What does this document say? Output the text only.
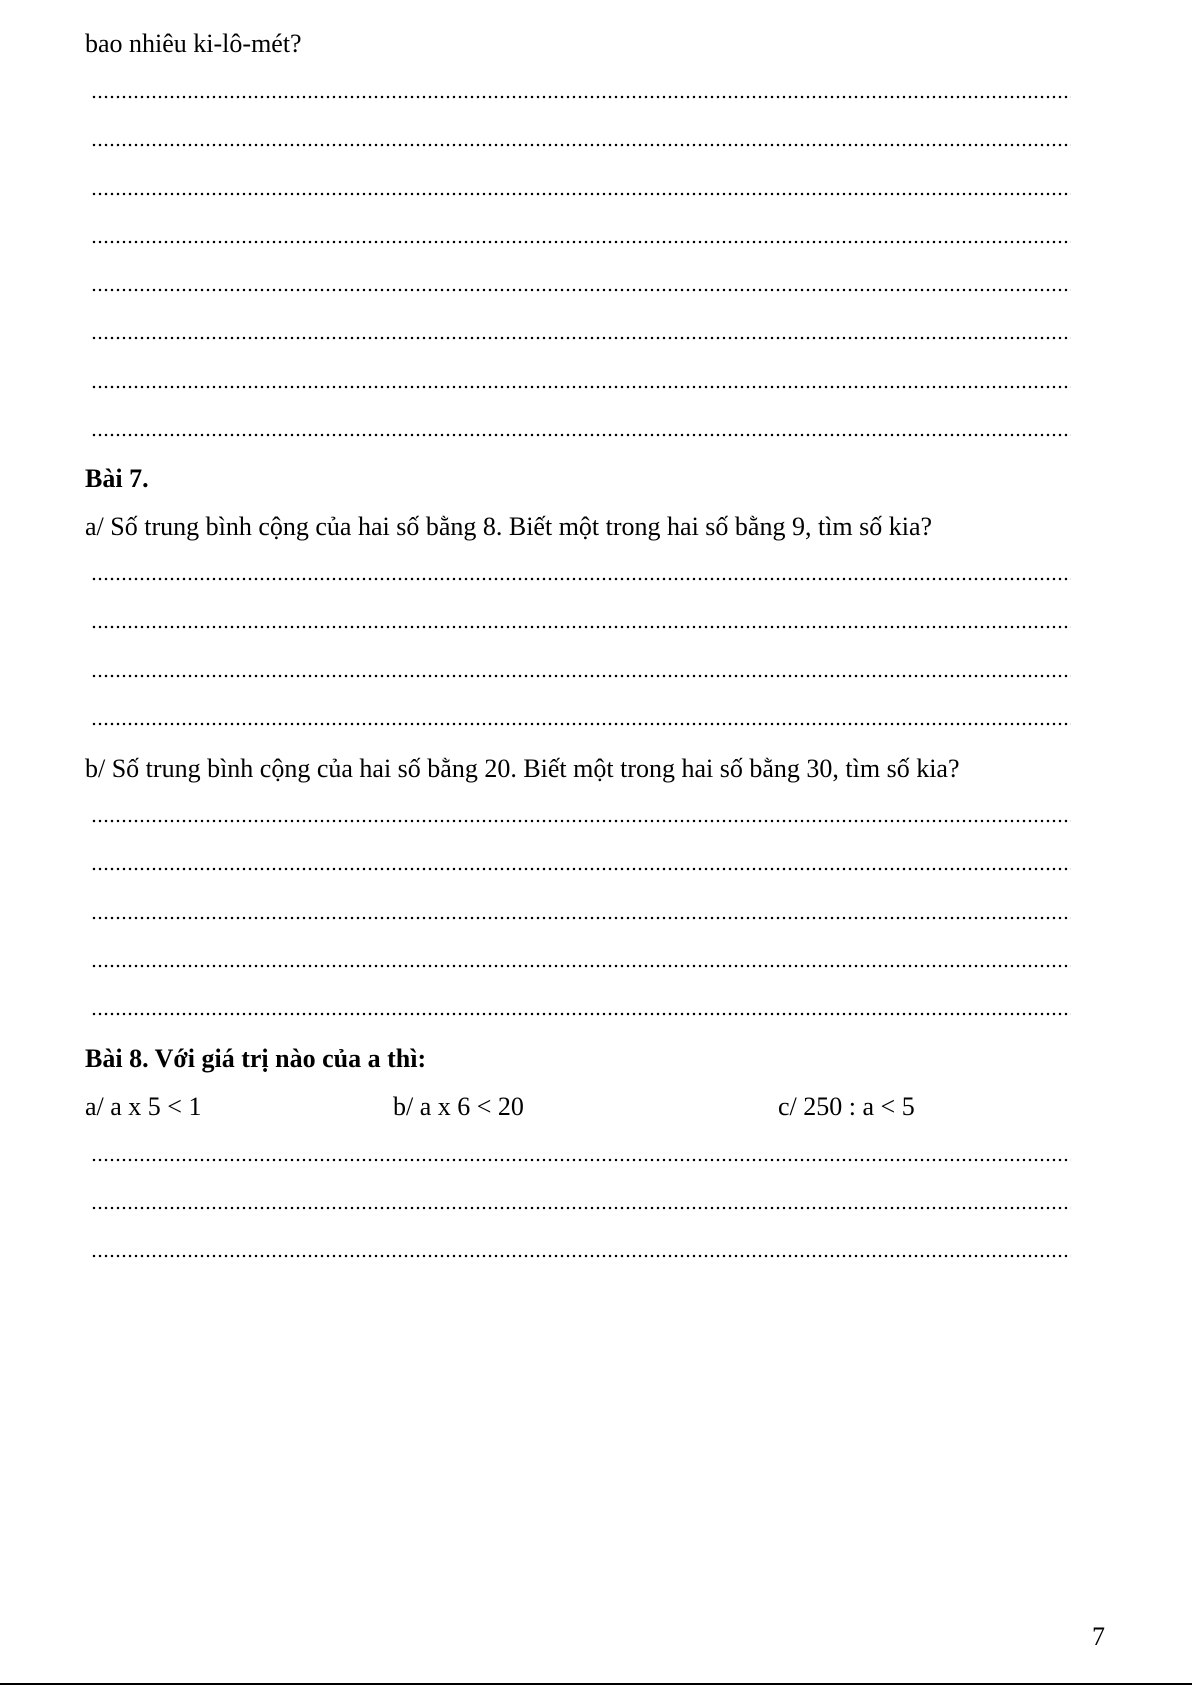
bao nhiêu ki-lô-mét?
Bài 7.
a/ Số trung bình cộng của hai số bằng 8. Biết một trong hai số bằng 9, tìm số kia?
b/ Số trung bình cộng của hai số bằng 20. Biết một trong hai số bằng 30, tìm số kia?
Bài 8. Với giá trị nào của a thì:
a/ a x 5 < 1	b/ a x 6 < 20	c/ 250 : a < 5
7
